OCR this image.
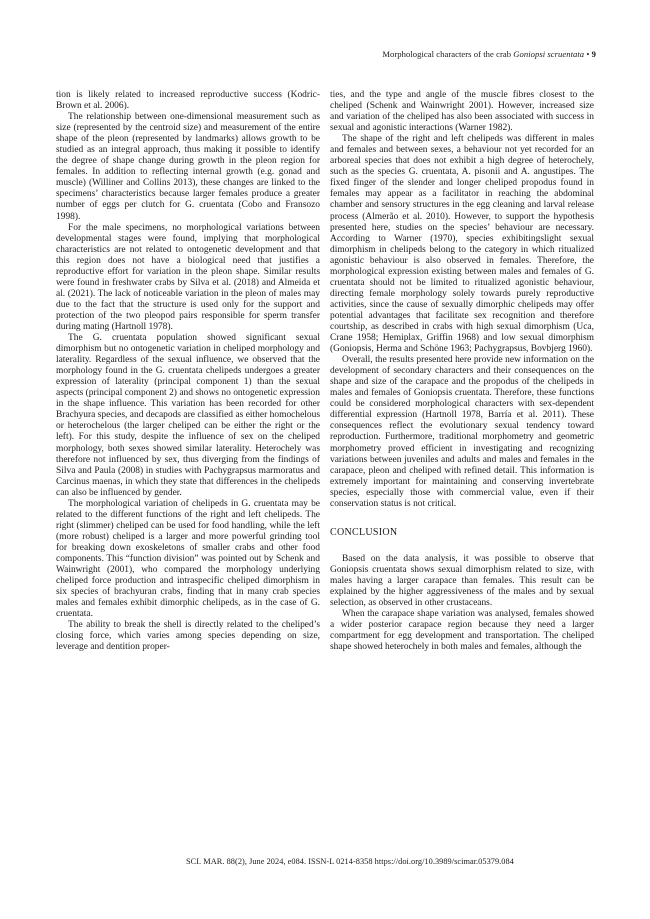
Morphological characters of the crab Goniopsi scruentata • 9

tion is likely related to increased reproductive success (Kodric-Brown et al. 2006).

The relationship between one-dimensional measurement such as size (represented by the centroid size) and measurement of the entire shape of the pleon (represented by landmarks) allows growth to be studied as an integral approach, thus making it possible to identify the degree of shape change during growth in the pleon region for females. In addition to reflecting internal growth (e.g. gonad and muscle) (Williner and Collins 2013), these changes are linked to the specimens’ characteristics because larger females produce a greater number of eggs per clutch for G. cruentata (Cobo and Fransozo 1998).

For the male specimens, no morphological variations between developmental stages were found, implying that morphological characteristics are not related to ontogenetic development and that this region does not have a biological need that justifies a reproductive effort for variation in the pleon shape. Similar results were found in freshwater crabs by Silva et al. (2018) and Almeida et al. (2021). The lack of noticeable variation in the pleon of males may due to the fact that the structure is used only for the support and protection of the two pleopod pairs responsible for sperm transfer during mating (Hartnoll 1978).

The G. cruentata population showed significant sexual dimorphism but no ontogenetic variation in cheliped morphology and laterality. Regardless of the sexual influence, we observed that the morphology found in the G. cruentata chelipeds undergoes a greater expression of laterality (principal component 1) than the sexual aspects (principal component 2) and shows no ontogenetic expression in the shape influence. This variation has been recorded for other Brachyura species, and decapods are classified as either homochelous or heterochelous (the larger cheliped can be either the right or the left). For this study, despite the influence of sex on the cheliped morphology, both sexes showed similar laterality. Heterochely was therefore not influenced by sex, thus diverging from the findings of Silva and Paula (2008) in studies with Pachygrapsus marmoratus and Carcinus maenas, in which they state that differences in the chelipeds can also be influenced by gender.

The morphological variation of chelipeds in G. cruentata may be related to the different functions of the right and left chelipeds. The right (slimmer) cheliped can be used for food handling, while the left (more robust) cheliped is a larger and more powerful grinding tool for breaking down exoskeletons of smaller crabs and other food components. This “function division” was pointed out by Schenk and Wainwright (2001), who compared the morphology underlying cheliped force production and intraspecific cheliped dimorphism in six species of brachyuran crabs, finding that in many crab species males and females exhibit dimorphic chelipeds, as in the case of G. cruentata.

The ability to break the shell is directly related to the cheliped’s closing force, which varies among species depending on size, leverage and dentition proper-

ties, and the type and angle of the muscle fibres closest to the cheliped (Schenk and Wainwright 2001). However, increased size and variation of the cheliped has also been associated with success in sexual and agonistic interactions (Warner 1982).

The shape of the right and left chelipeds was different in males and females and between sexes, a behaviour not yet recorded for an arboreal species that does not exhibit a high degree of heterochely, such as the species G. cruentata, A. pisonii and A. angustipes. The fixed finger of the slender and longer cheliped propodus found in females may appear as a facilitator in reaching the abdominal chamber and sensory structures in the egg cleaning and larval release process (Almerão et al. 2010). However, to support the hypothesis presented here, studies on the species’ behaviour are necessary. According to Warner (1970), species exhibitingslight sexual dimorphism in chelipeds belong to the category in which ritualized agonistic behaviour is also observed in females. Therefore, the morphological expression existing between males and females of G. cruentata should not be limited to ritualized agonistic behaviour, directing female morphology solely towards purely reproductive activities, since the cause of sexually dimorphic chelipeds may offer potential advantages that facilitate sex recognition and therefore courtship, as described in crabs with high sexual dimorphism (Uca, Crane 1958; Hemiplax, Griffin 1968) and low sexual dimorphism (Goniopsis, Herma and Schöne 1963; Pachygrapsus, Bovbjerg 1960).

Overall, the results presented here provide new information on the development of secondary characters and their consequences on the shape and size of the carapace and the propodus of the chelipeds in males and females of Goniopsis cruentata. Therefore, these functions could be considered morphological characters with sex-dependent differential expression (Hartnoll 1978, Barría et al. 2011). These consequences reflect the evolutionary sexual tendency toward reproduction. Furthermore, traditional morphometry and geometric morphometry proved efficient in investigating and recognizing variations between juveniles and adults and males and females in the carapace, pleon and cheliped with refined detail. This information is extremely important for maintaining and conserving invertebrate species, especially those with commercial value, even if their conservation status is not critical.

CONCLUSION

Based on the data analysis, it was possible to observe that Goniopsis cruentata shows sexual dimorphism related to size, with males having a larger carapace than females. This result can be explained by the higher aggressiveness of the males and by sexual selection, as observed in other crustaceans.

When the carapace shape variation was analysed, females showed a wider posterior carapace region because they need a larger compartment for egg development and transportation. The cheliped shape showed heterochely in both males and females, although the

SCI. MAR. 88(2), June 2024, e084. ISSN-L 0214-8358 https://doi.org/10.3989/scimar.05379.084
